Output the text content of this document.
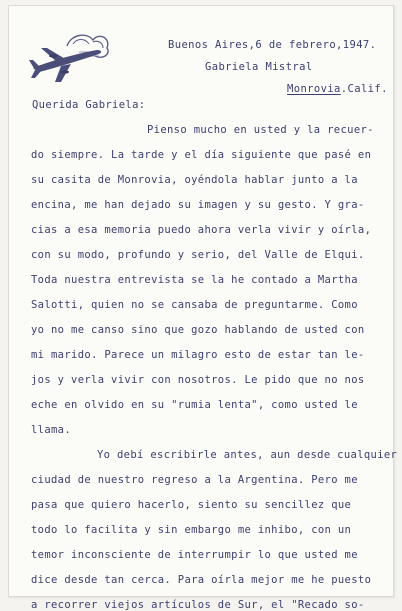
Buenos Aires,6 de febrero,1947.
Gabriela Mistral
Monrovia.Calif.
Querida Gabriela:
Pienso mucho en usted y la recuer-
do siempre. La tarde y el día siguiente que pasé en
su casita de Monrovia, oyéndola hablar junto a la
encina, me han dejado su imagen y su gesto. Y gra-
cias a esa memoria puedo ahora verla vivir y oírla,
con su modo, profundo y serio, del Valle de Elqui.
Toda nuestra entrevista se la he contado a Martha
Salotti, quien no se cansaba de preguntarme. Como
yo no me canso sino que gozo hablando de usted con
mi marido. Parece un milagro esto de estar tan le-
jos y verla vivir con nosotros. Le pido que no nos
eche en olvido en su "rumia lenta", como usted le
llama.
Yo debí escribirle antes, aun desde cualquier
ciudad de nuestro regreso a la Argentina. Pero me
pasa que quiero hacerlo, siento su sencillez que
todo lo facilita y sin embargo me inhibo, con un
temor inconsciente de interrumpir lo que usted me
dice desde tan cerca. Para oírla mejor me he puesto
a recorrer viejos artículos de Sur, el "Recado so-
